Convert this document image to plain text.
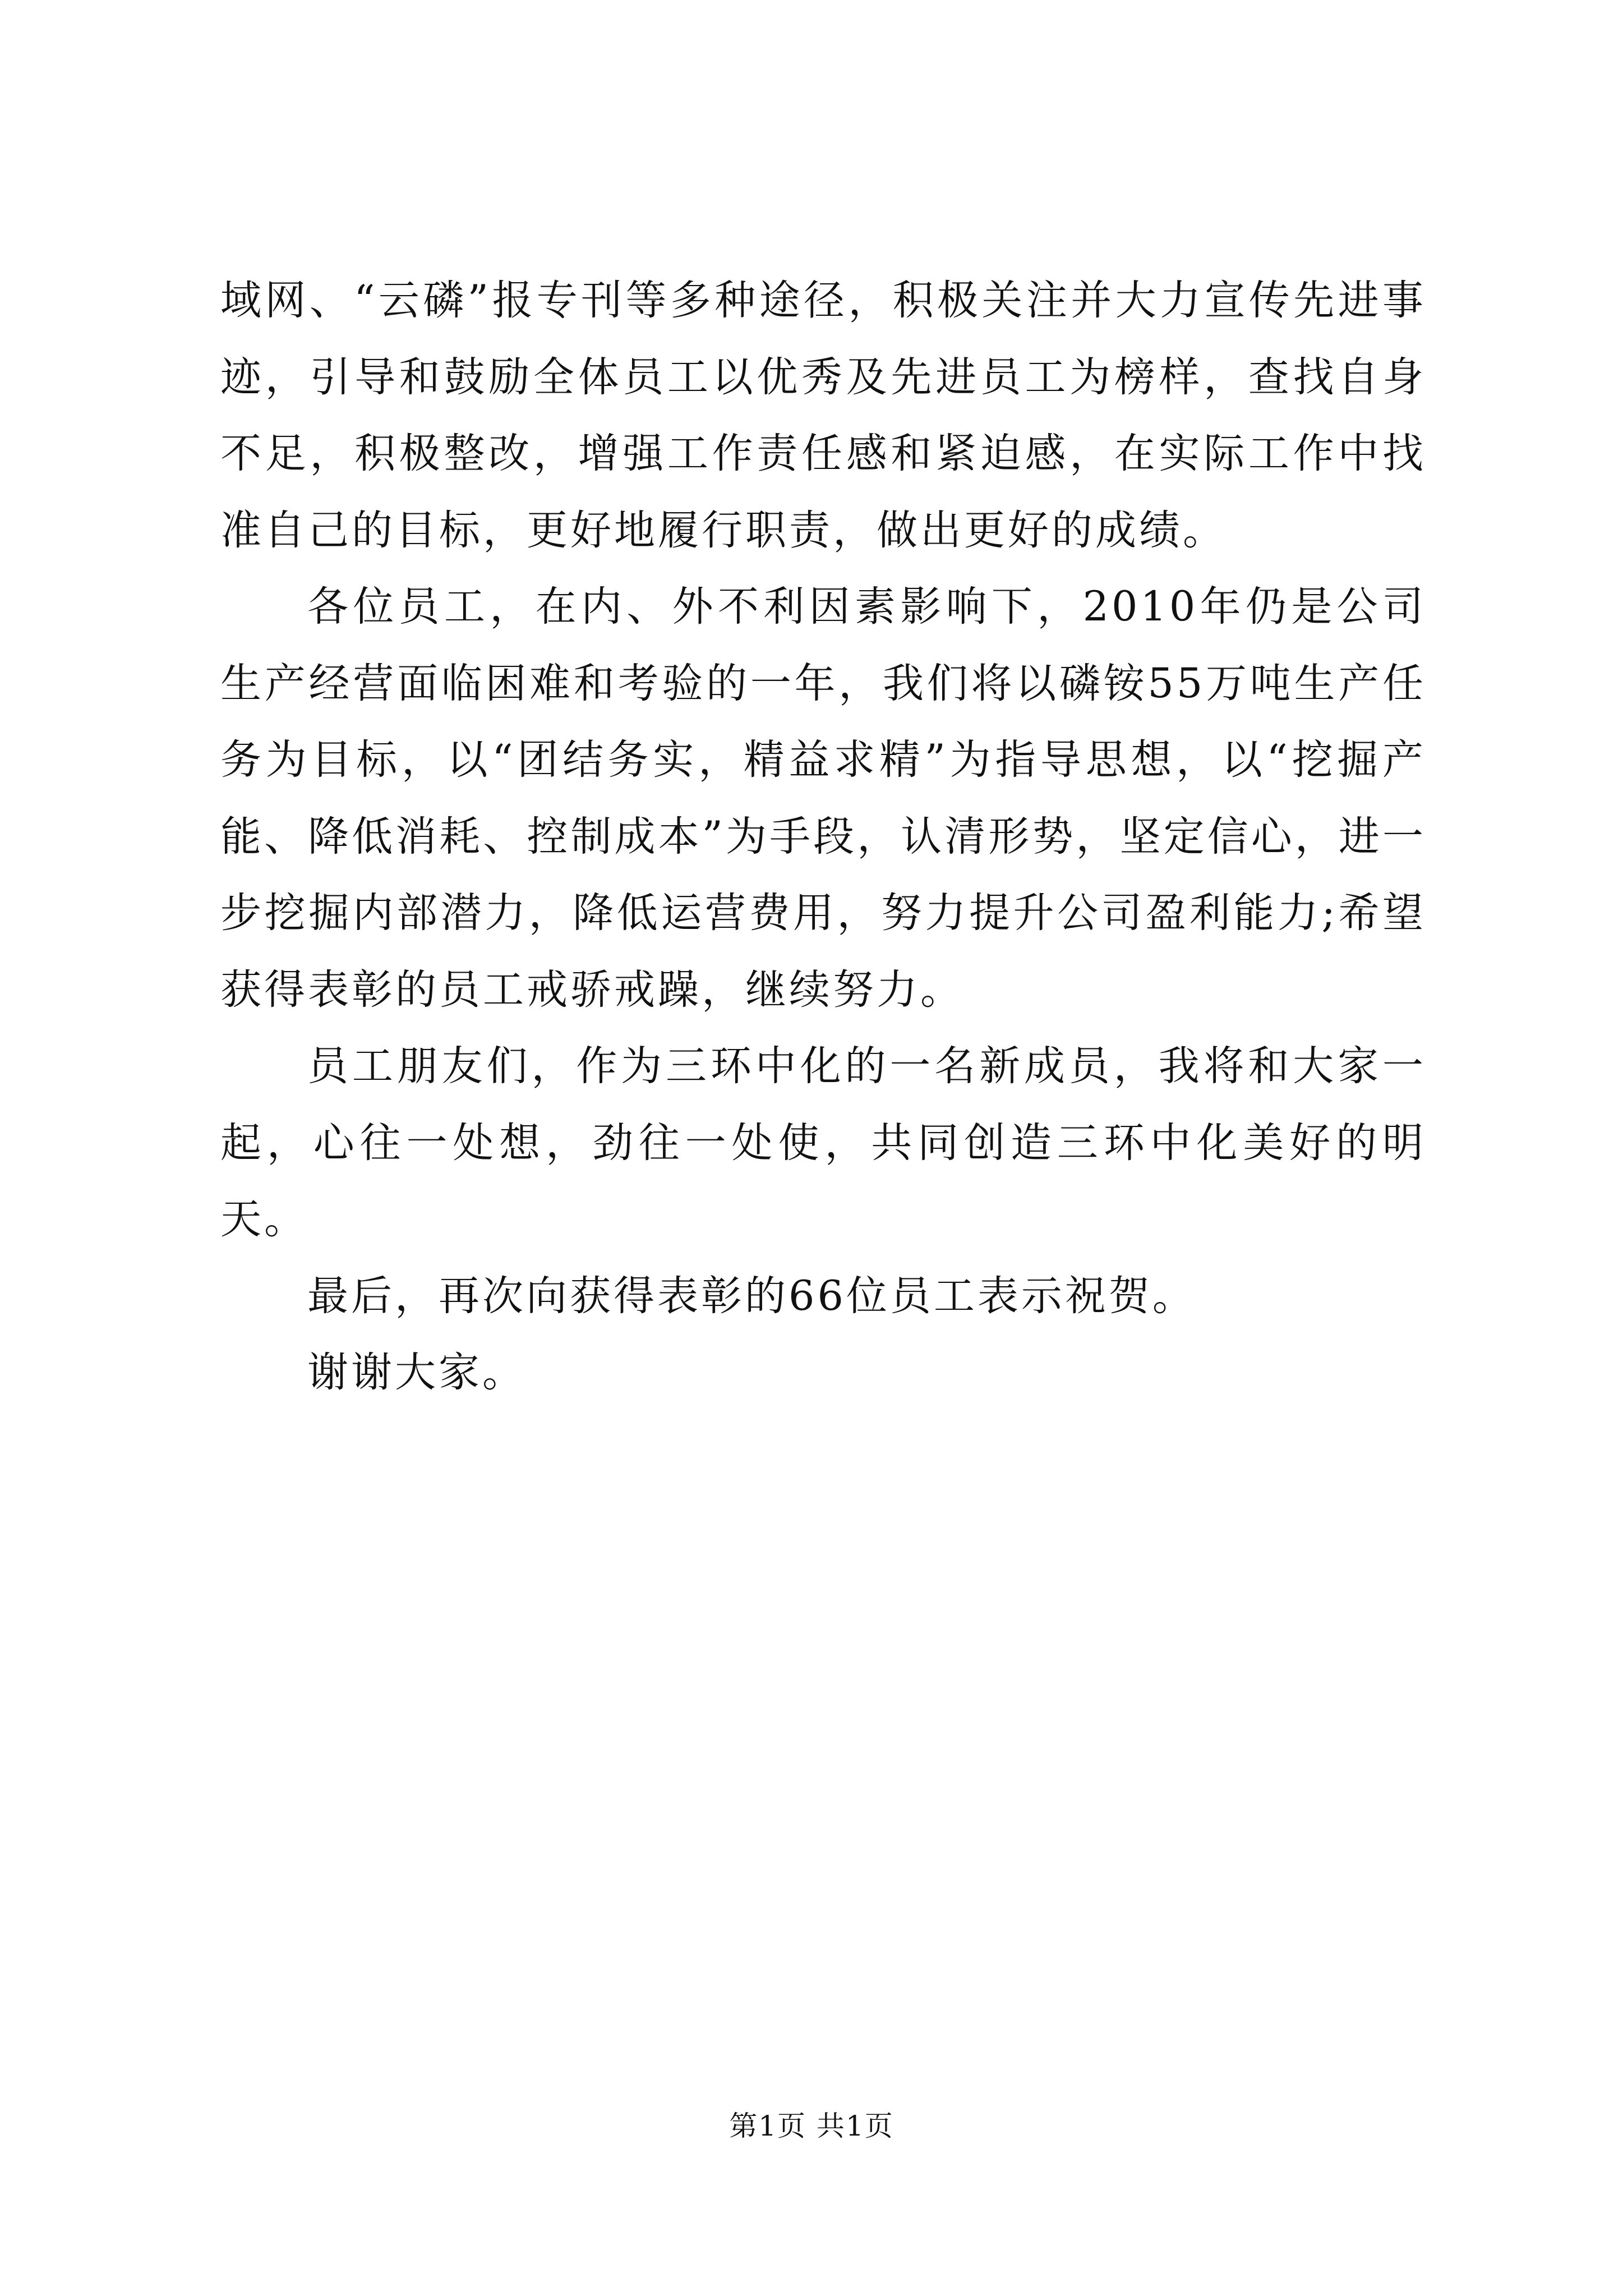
域网、“云磷”报专刊等多种途径，积极关注并大力宣传先进事迹，引导和鼓励全体员工以优秀及先进员工为榜样，查找自身不足，积极整改，增强工作责任感和紧迫感，在实际工作中找准自己的目标，更好地履行职责，做出更好的成绩。

各位员工，在内、外不利因素影响下，2010年仍是公司生产经营面临困难和考验的一年，我们将以磷铵55万吨生产任务为目标，以“团结务实，精益求精”为指导思想，以“挖掘产能、降低消耗、控制成本”为手段，认清形势，坚定信心，进一步挖掘内部潜力，降低运营费用，努力提升公司盈利能力;希望获得表彰的员工戒骄戒躁，继续努力。

员工朋友们，作为三环中化的一名新成员，我将和大家一起，心往一处想，劲往一处使，共同创造三环中化美好的明天。

最后，再次向获得表彰的66位员工表示祝贺。

谢谢大家。

第1页 共1页
